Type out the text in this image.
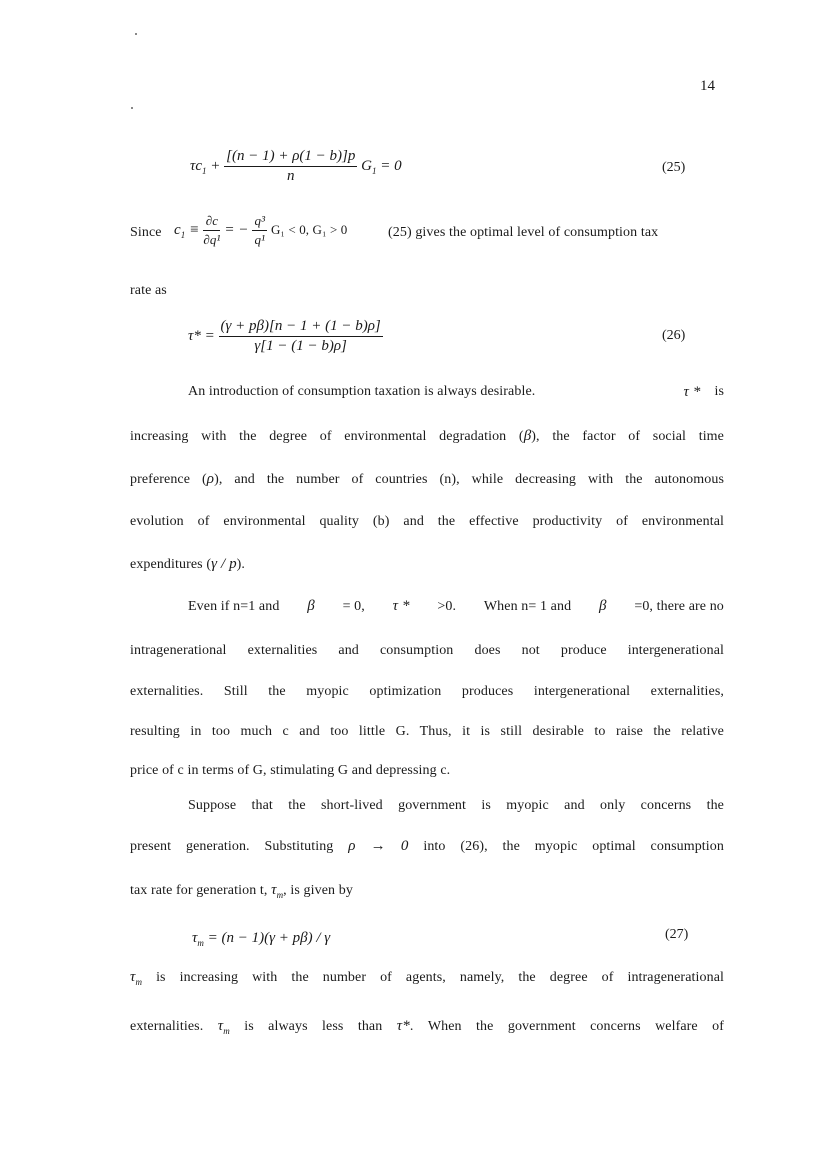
14
$\tau c_1 + \frac{[(n - 1) + \rho(1 - b)]p}{n} G_1 = 0$	(25)
Since $c_1 \equiv \frac{\partial c}{\text{∂q¹}}$ = − $\frac{\text{q³}}{\text{q¹}} G_1 < 0$, G₁ > 0	(25) gives the optimal level of consumption tax
rate as
$\tau* = \frac{(\gamma + p\beta)[n - 1 + (1 - b)\rho]}{\gamma[1 - (1 - b)\rho]}$	(26)
An introduction of consumption taxation is always desirable.	τ * is
increasing with the degree of environmental degradation (β), the factor of social time
preference (ρ), and the number of countries (n), while decreasing with the autonomous
evolution of environmental quality (b) and the effective productivity of environmental
expenditures (γ / p).
Even if n=1 and β = 0, τ * >0. When n= 1 and β =0, there are no
intragenerational externalities and consumption does not produce intergenerational
externalities. Still the myopic optimization produces intergenerational externalities,
resulting in too much c and too little G. Thus, it is still desirable to raise the relative
price of c in terms of G, stimulating G and depressing c.
Suppose that the short-lived government is myopic and only concerns the
present generation. Substituting ρ → 0 into (26), the myopic optimal consumption
tax rate for generation t, $\tau_m$, is given by
$\tau_m = (n - 1)(\gamma + p\beta) / \gamma$	(27)
$\tau_m$ is increasing with the number of agents, namely, the degree of intragenerational
externalities. $\tau_m$ is always less than τ*. When the government concerns welfare of
